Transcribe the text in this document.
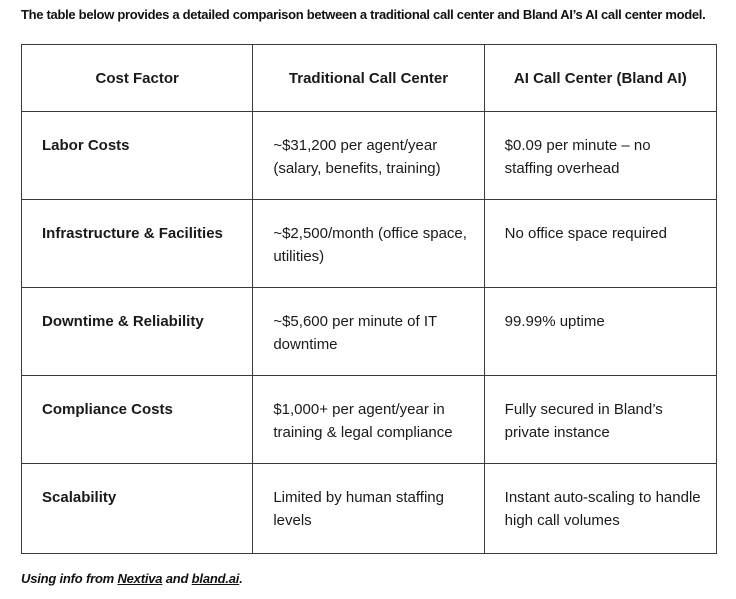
The table below provides a detailed comparison between a traditional call center and Bland AI’s AI call center model.
Cost Factor	Traditional Call Center	AI Call Center (Bland AI)
Labor Costs	~$31,200 per agent/year (salary, benefits, training)	$0.09 per minute – no staffing overhead
Infrastructure & Facilities	~$2,500/month (office space, utilities)	No office space required
Downtime & Reliability	~$5,600 per minute of IT downtime	99.99% uptime
Compliance Costs	$1,000+ per agent/year in training & legal compliance	Fully secured in Bland’s private instance
Scalability	Limited by human staffing levels	Instant auto-scaling to handle high call volumes
Using info from Nextiva and bland.ai.
